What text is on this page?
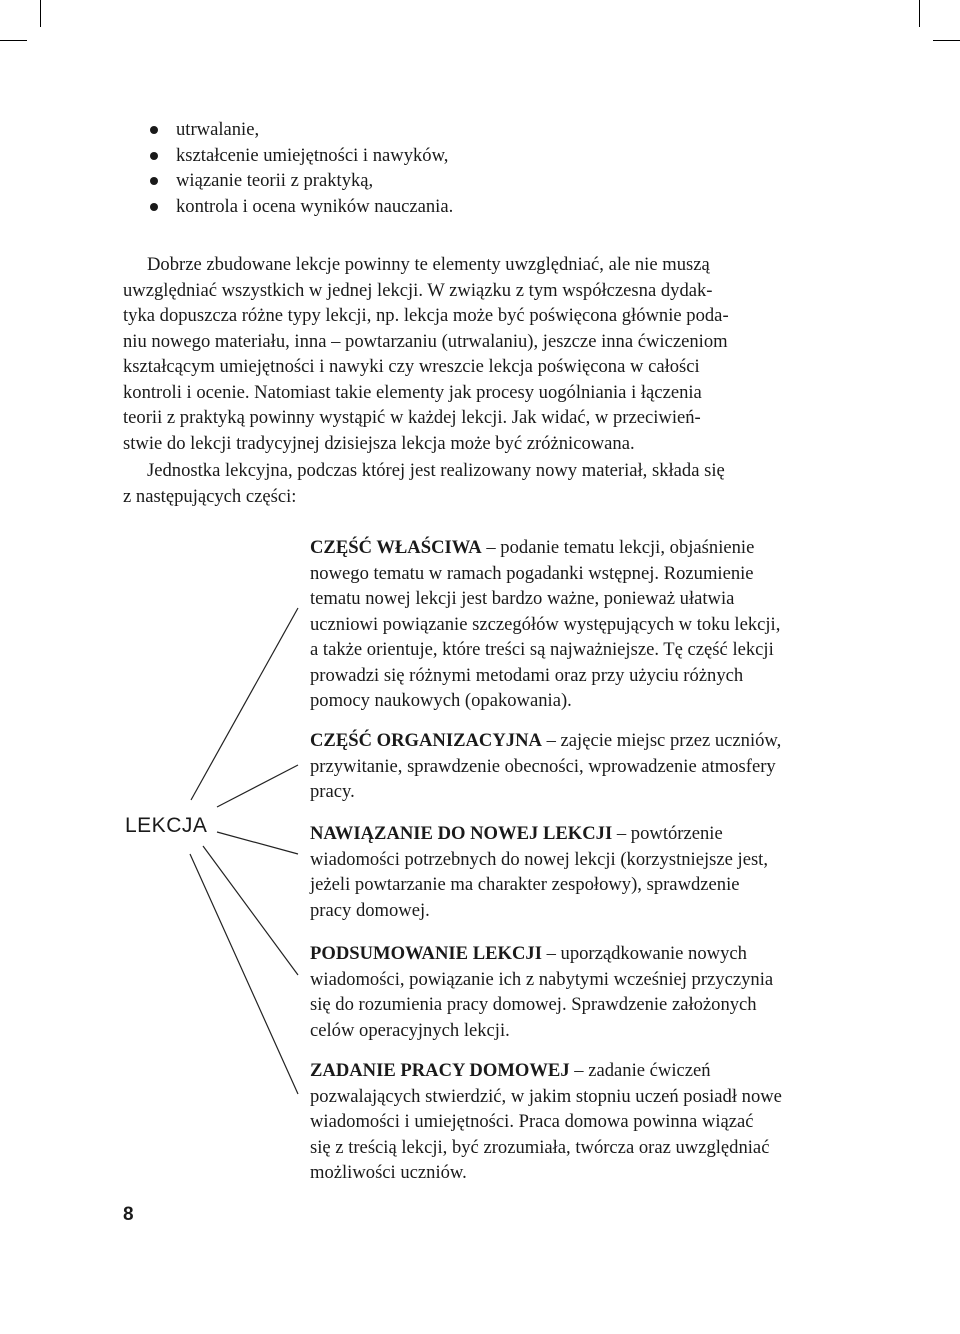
utrwalanie,
kształcenie umiejętności i nawyków,
wiązanie teorii z praktyką,
kontrola i ocena wyników nauczania.
Dobrze zbudowane lekcje powinny te elementy uwzględniać, ale nie muszą
uwzględniać wszystkich w jednej lekcji. W związku z tym współczesna dydak-
tyka dopuszcza różne typy lekcji, np. lekcja może być poświęcona głównie poda-
niu nowego materiału, inna – powtarzaniu (utrwalaniu), jeszcze inna ćwiczeniom
kształcącym umiejętności i nawyki czy wreszcie lekcja poświęcona w całości
kontroli i ocenie. Natomiast takie elementy jak procesy uogólniania i łączenia
teorii z praktyką powinny wystąpić w każdej lekcji. Jak widać, w przeciwień-
stwie do lekcji tradycyjnej dzisiejsza lekcja może być zróżnicowana.
Jednostka lekcyjna, podczas której jest realizowany nowy materiał, składa się
z następujących części:
LEKCJA
CZĘŚĆ WŁAŚCIWA – podanie tematu lekcji, objaśnienie
nowego tematu w ramach pogadanki wstępnej. Rozumienie
tematu nowej lekcji jest bardzo ważne, ponieważ ułatwia
uczniowi powiązanie szczegółów występujących w toku lekcji,
a także orientuje, które treści są najważniejsze. Tę część lekcji
prowadzi się różnymi metodami oraz przy użyciu różnych
pomocy naukowych (opakowania).
CZĘŚĆ ORGANIZACYJNA – zajęcie miejsc przez uczniów,
przywitanie, sprawdzenie obecności, wprowadzenie atmosfery
pracy.
NAWIĄZANIE DO NOWEJ LEKCJI – powtórzenie
wiadomości potrzebnych do nowej lekcji (korzystniejsze jest,
jeżeli powtarzanie ma charakter zespołowy), sprawdzenie
pracy domowej.
PODSUMOWANIE LEKCJI – uporządkowanie nowych
wiadomości, powiązanie ich z nabytymi wcześniej przyczynia
się do rozumienia pracy domowej. Sprawdzenie założonych
celów operacyjnych lekcji.
ZADANIE PRACY DOMOWEJ – zadanie ćwiczeń
pozwalających stwierdzić, w jakim stopniu uczeń posiadł nowe
wiadomości i umiejętności. Praca domowa powinna wiązać
się z treścią lekcji, być zrozumiała, twórcza oraz uwzględniać
możliwości uczniów.
8
